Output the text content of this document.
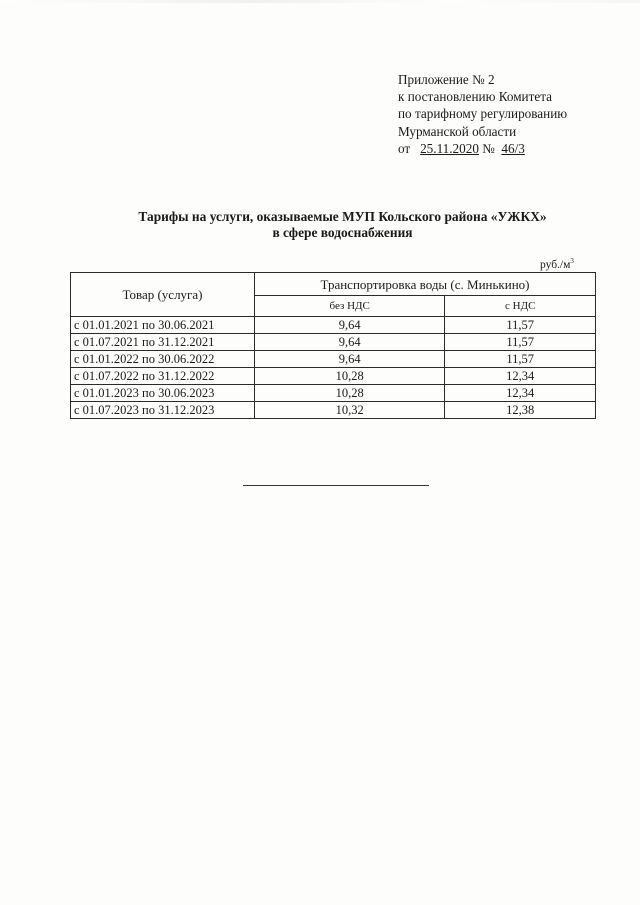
Приложение № 2
к постановлению Комитета
по тарифному регулированию
Мурманской области
от 25.11.2020 № 46/3
Тарифы на услуги, оказываемые МУП Кольского района «УЖКХ»
в сфере водоснабжения
$руб./м^3$
Товар (услуга)	Транспортировка воды (с. Минькино)	
	без НДС	с НДС
с 01.01.2021 по 30.06.2021	9,64	11,57
с 01.07.2021 по 31.12.2021	9,64	11,57
с 01.01.2022 по 30.06.2022	9,64	11,57
с 01.07.2022 по 31.12.2022	10,28	12,34
с 01.01.2023 по 30.06.2023	10,28	12,34
с 01.07.2023 по 31.12.2023	10,32	12,38
